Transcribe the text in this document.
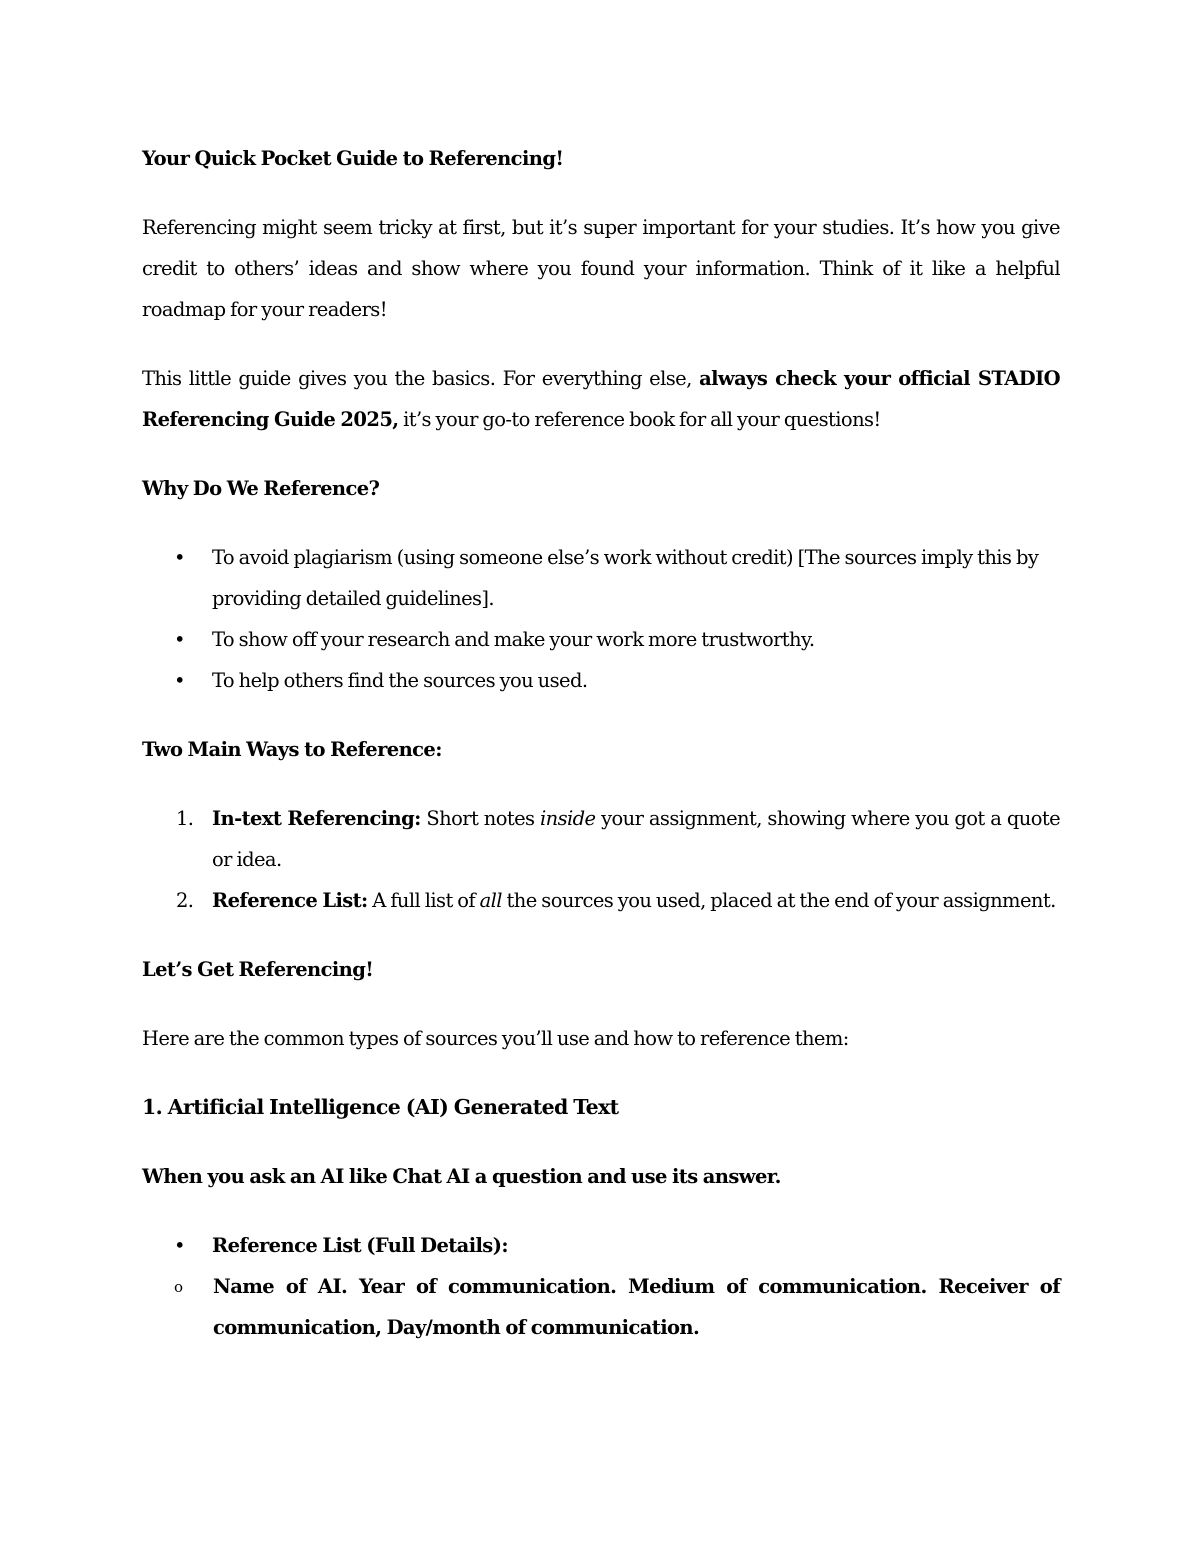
Your Quick Pocket Guide to Referencing!

Referencing might seem tricky at first, but it’s super important for your studies. It’s how you give credit to others’ ideas and show where you found your information. Think of it like a helpful roadmap for your readers!

This little guide gives you the basics. For everything else, always check your official STADIO Referencing Guide 2025, it’s your go-to reference book for all your questions!

Why Do We Reference?

• To avoid plagiarism (using someone else’s work without credit) [The sources imply this by providing detailed guidelines].
• To show off your research and make your work more trustworthy.
• To help others find the sources you used.

Two Main Ways to Reference:

1. In-text Referencing: Short notes inside your assignment, showing where you got a quote or idea.
2. Reference List: A full list of all the sources you used, placed at the end of your assignment.

Let’s Get Referencing!

Here are the common types of sources you’ll use and how to reference them:

1. Artificial Intelligence (AI) Generated Text

When you ask an AI like Chat AI a question and use its answer.

• Reference List (Full Details):
o Name of AI. Year of communication. Medium of communication. Receiver of communication, Day/month of communication.
